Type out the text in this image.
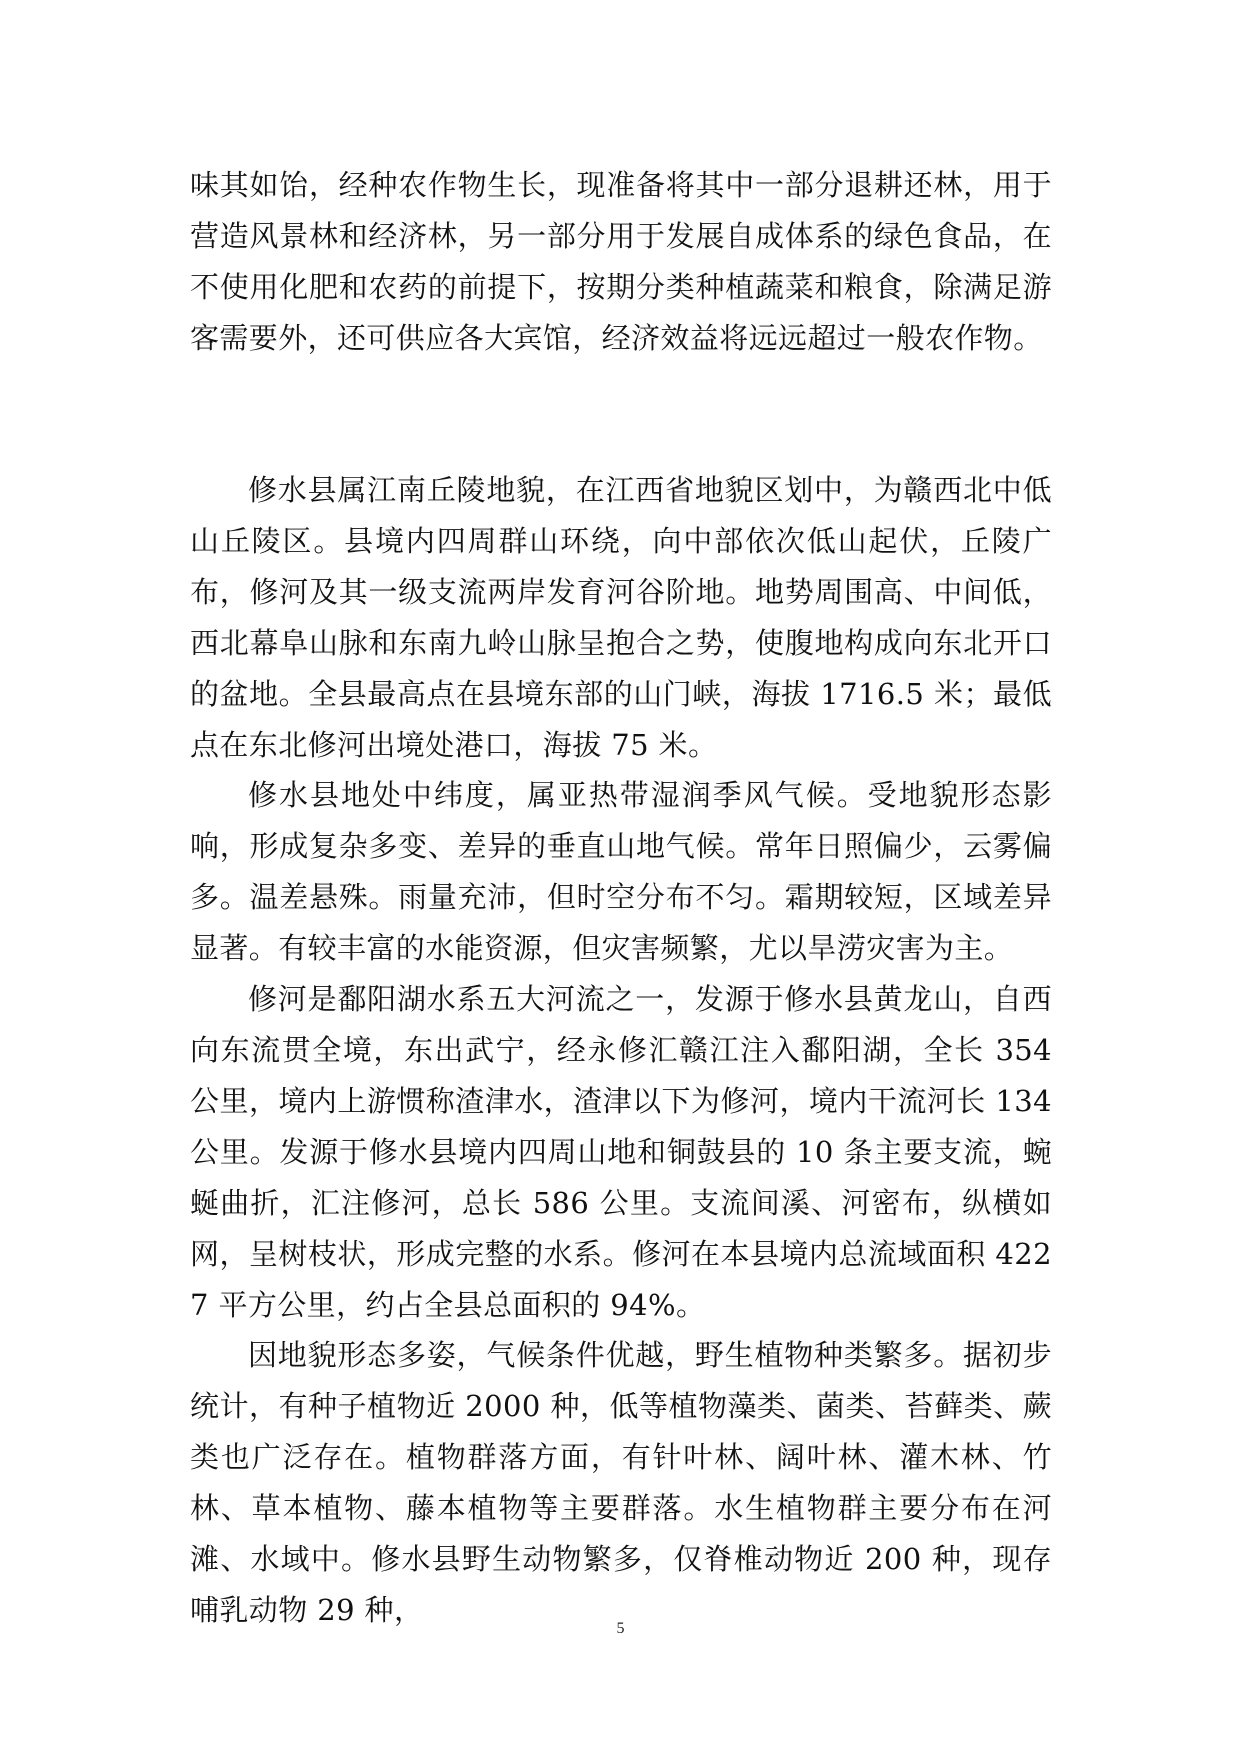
味其如饴，经种农作物生长，现准备将其中一部分退耕还林，用于营造风景林和经济林，另一部分用于发展自成体系的绿色食品，在不使用化肥和农药的前提下，按期分类种植蔬菜和粮食，除满足游客需要外，还可供应各大宾馆，经济效益将远远超过一般农作物。

修水县属江南丘陵地貌，在江西省地貌区划中，为赣西北中低山丘陵区。县境内四周群山环绕，向中部依次低山起伏，丘陵广布，修河及其一级支流两岸发育河谷阶地。地势周围高、中间低，西北幕阜山脉和东南九岭山脉呈抱合之势，使腹地构成向东北开口的盆地。全县最高点在县境东部的山门峡，海拔 1716.5 米；最低点在东北修河出境处港口，海拔 75 米。

修水县地处中纬度，属亚热带湿润季风气候。受地貌形态影响，形成复杂多变、差异的垂直山地气候。常年日照偏少，云雾偏多。温差悬殊。雨量充沛，但时空分布不匀。霜期较短，区域差异显著。有较丰富的水能资源，但灾害频繁，尤以旱涝灾害为主。

修河是鄱阳湖水系五大河流之一，发源于修水县黄龙山，自西向东流贯全境，东出武宁，经永修汇赣江注入鄱阳湖，全长 354 公里，境内上游惯称渣津水，渣津以下为修河，境内干流河长 134 公里。发源于修水县境内四周山地和铜鼓县的 10 条主要支流，蜿蜒曲折，汇注修河，总长 586 公里。支流间溪、河密布，纵横如网，呈树枝状，形成完整的水系。修河在本县境内总流域面积 4227 平方公里，约占全县总面积的 94%。

因地貌形态多姿，气候条件优越，野生植物种类繁多。据初步统计，有种子植物近 2000 种，低等植物藻类、菌类、苔藓类、蕨类也广泛存在。植物群落方面，有针叶林、阔叶林、灌木林、竹林、草本植物、藤本植物等主要群落。水生植物群主要分布在河滩、水域中。修水县野生动物繁多，仅脊椎动物近 200 种，现存哺乳动物 29 种，

5
